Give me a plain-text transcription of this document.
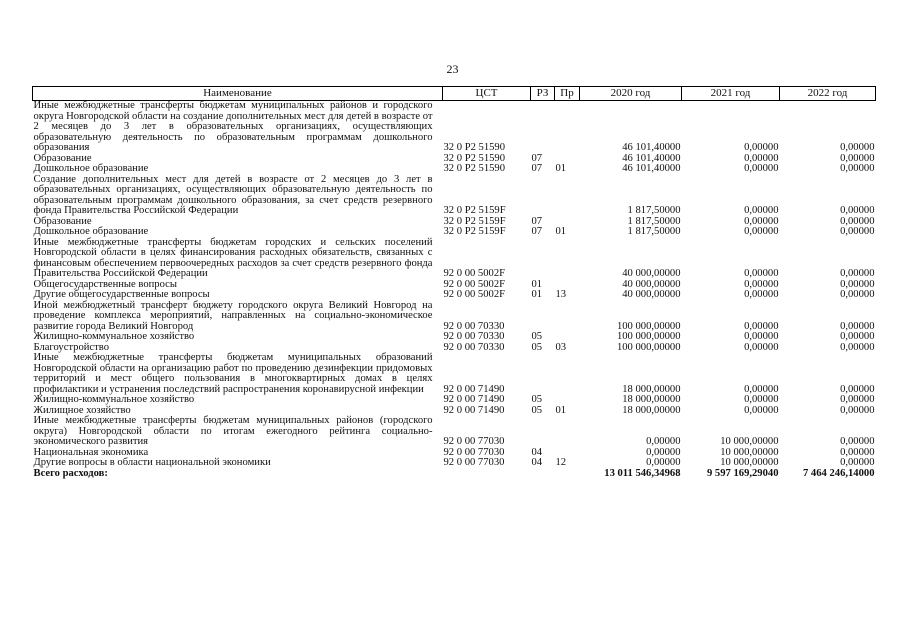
23
Наименование	ЦСТ	РЗ	Пр	2020 год	2021 год	2022 год
Иные межбюджетные трансферты бюджетам муниципальных районов и городского округа Новгородской области на создание дополнительных мест для детей в возрасте от 2 месяцев до 3 лет в образовательных организациях, осуществляющих образовательную деятельность по образовательным программам дошкольного образования	32 0 P2 51590			46 101,40000	0,00000	0,00000
Образование	32 0 P2 51590	07		46 101,40000	0,00000	0,00000
Дошкольное образование	32 0 P2 51590	07	01	46 101,40000	0,00000	0,00000
Создание дополнительных мест для детей в возрасте от 2 месяцев до 3 лет в образовательных организациях, осуществляющих образовательную деятельность по образовательным программам дошкольного образования, за счет средств резервного фонда Правительства Российской Федерации	32 0 P2 5159F			1 817,50000	0,00000	0,00000
Образование	32 0 P2 5159F	07		1 817,50000	0,00000	0,00000
Дошкольное образование	32 0 P2 5159F	07	01	1 817,50000	0,00000	0,00000
Иные межбюджетные трансферты бюджетам городских и сельских поселений Новгородской области в целях финансирования расходных обязательств, связанных с финансовым обеспечением первоочередных расходов за счет средств резервного фонда Правительства Российской Федерации	92 0 00 5002F			40 000,00000	0,00000	0,00000
Общегосударственные вопросы	92 0 00 5002F	01		40 000,00000	0,00000	0,00000
Другие общегосударственные вопросы	92 0 00 5002F	01	13	40 000,00000	0,00000	0,00000
Иной межбюджетный трансферт бюджету городского округа Великий Новгород на проведение комплекса мероприятий, направленных на социально-экономическое развитие города Великий Новгород	92 0 00 70330			100 000,00000	0,00000	0,00000
Жилищно-коммунальное хозяйство	92 0 00 70330	05		100 000,00000	0,00000	0,00000
Благоустройство	92 0 00 70330	05	03	100 000,00000	0,00000	0,00000
Иные межбюджетные трансферты бюджетам муниципальных образований Новгородской области на организацию работ по проведению дезинфекции придомовых территорий и мест общего пользования в многоквартирных домах в целях профилактики и устранения последствий распространения коронавирусной инфекции	92 0 00 71490			18 000,00000	0,00000	0,00000
Жилищно-коммунальное хозяйство	92 0 00 71490	05		18 000,00000	0,00000	0,00000
Жилищное хозяйство	92 0 00 71490	05	01	18 000,00000	0,00000	0,00000
Иные межбюджетные трансферты бюджетам муниципальных районов (городского округа) Новгородской области по итогам ежегодного рейтинга социально-экономического развития	92 0 00 77030			0,00000	10 000,00000	0,00000
Национальная экономика	92 0 00 77030	04		0,00000	10 000,00000	0,00000
Другие вопросы в области национальной экономики	92 0 00 77030	04	12	0,00000	10 000,00000	0,00000
Всего расходов:				13 011 546,34968	9 597 169,29040	7 464 246,14000
